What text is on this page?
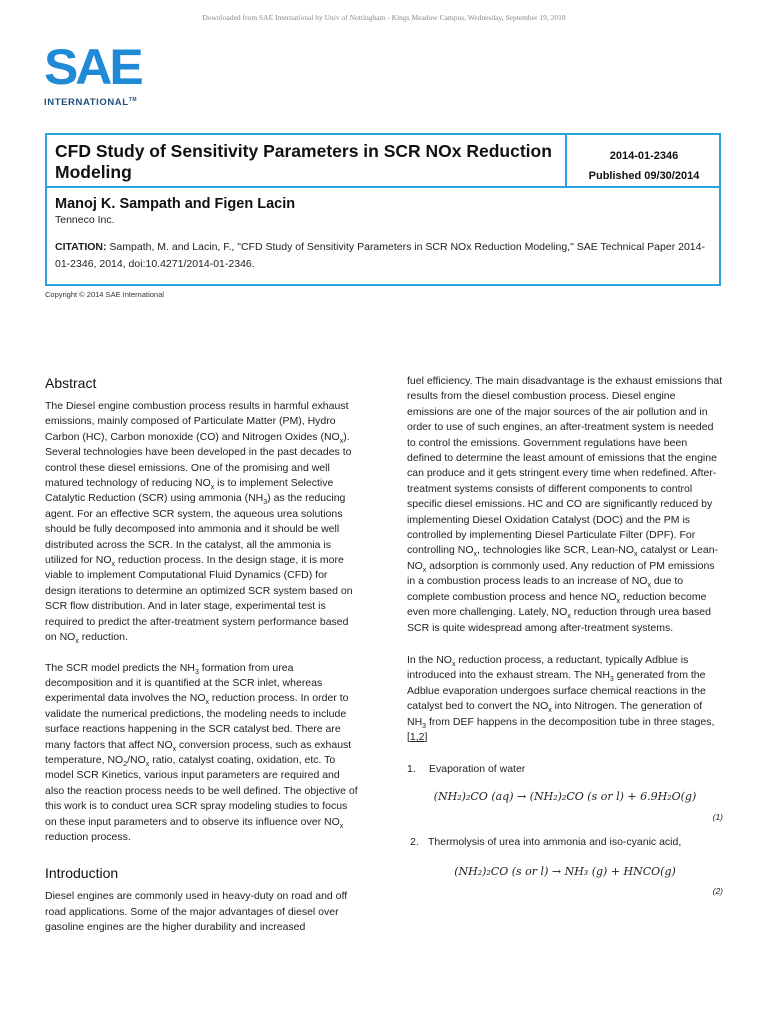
Downloaded from SAE International by Univ of Nottingham - Kings Meadow Campus, Wednesday, September 19, 2018
SAE
INTERNATIONAL™
CFD Study of Sensitivity Parameters in SCR NOx Reduction Modeling
2014-01-2346
Published 09/30/2014
Manoj K. Sampath and Figen Lacin
Tenneco Inc.
CITATION: Sampath, M. and Lacin, F., "CFD Study of Sensitivity Parameters in SCR NOx Reduction Modeling," SAE Technical Paper 2014-01-2346, 2014, doi:10.4271/2014-01-2346.
Copyright © 2014 SAE International
Abstract

The Diesel engine combustion process results in harmful exhaust emissions, mainly composed of Particulate Matter (PM), Hydro Carbon (HC), Carbon monoxide (CO) and Nitrogen Oxides $(NO_x)$. Several technologies have been developed in the past decades to control these diesel emissions. One of the promising and well matured technology of reducing $NO_x$ is to implement Selective Catalytic Reduction (SCR) using ammonia $(NH_3)$ as the reducing agent. For an effective SCR system, the aqueous urea solutions should be fully decomposed into ammonia and it should be well distributed across the SCR. In the catalyst, all the ammonia is utilized for $NO_x$ reduction process. In the design stage, it is more viable to implement Computational Fluid Dynamics (CFD) for design iterations to determine an optimized SCR system based on SCR flow distribution. And in later stage, experimental test is required to predict the after-treatment system performance based on $NO_x$ reduction.

The SCR model predicts the $NH_3$ formation from urea decomposition and it is quantified at the SCR inlet, whereas experimental data involves the $NO_x$ reduction process. In order to validate the numerical predictions, the modeling needs to include surface reactions happening in the SCR catalyst bed. There are many factors that affect $NO_x$ conversion process, such as exhaust temperature, $NO_2/NO_x$ ratio, catalyst coating, oxidation, etc. To model SCR Kinetics, various input parameters are required and also the reaction process needs to be well defined. The objective of this work is to conduct urea SCR spray modeling studies to focus on these input parameters and to observe its influence over $NO_x$ reduction process.

Introduction

Diesel engines are commonly used in heavy-duty on road and off road applications. Some of the major advantages of diesel over gasoline engines are the higher durability and increased

fuel efficiency. The main disadvantage is the exhaust emissions that results from the diesel combustion process. Diesel engine emissions are one of the major sources of the air pollution and in order to use of such engines, an after-treatment system is needed to control the emissions. Government regulations have been defined to determine the least amount of emissions that the engine can produce and it gets stringent every time when redefined. After-treatment systems consists of different components to control specific diesel emissions. HC and CO are significantly reduced by implementing Diesel Oxidation Catalyst (DOC) and the PM is controlled by implementing Diesel Particulate Filter (DPF). For controlling $NO_x$, technologies like SCR, Lean-$NO_x$ catalyst or Lean-$NO_x$ adsorption is commonly used. Any reduction of PM emissions in a combustion process leads to an increase of $NO_x$ due to complete combustion process and hence $NO_x$ reduction become even more challenging. Lately, $NO_x$ reduction through urea based SCR is quite widespread among after-treatment systems.

In the $NO_x$ reduction process, a reductant, typically Adblue is introduced into the exhaust stream. The $NH_3$ generated from the Adblue evaporation undergoes surface chemical reactions in the catalyst bed to convert the $NO_x$ into Nitrogen. The generation of $NH_3$ from DEF happens in the decomposition tube in three stages, [1,2]

1. Evaporation of water
(NH₂)₂CO (aq) → (NH₂)₂CO (s or l) + 6.9H₂O(g)
(1)
2. Thermolysis of urea into ammonia and iso-cyanic acid,
(NH₂)₂CO (s or l) → NH₃ (g) + HNCO(g)
(2)
